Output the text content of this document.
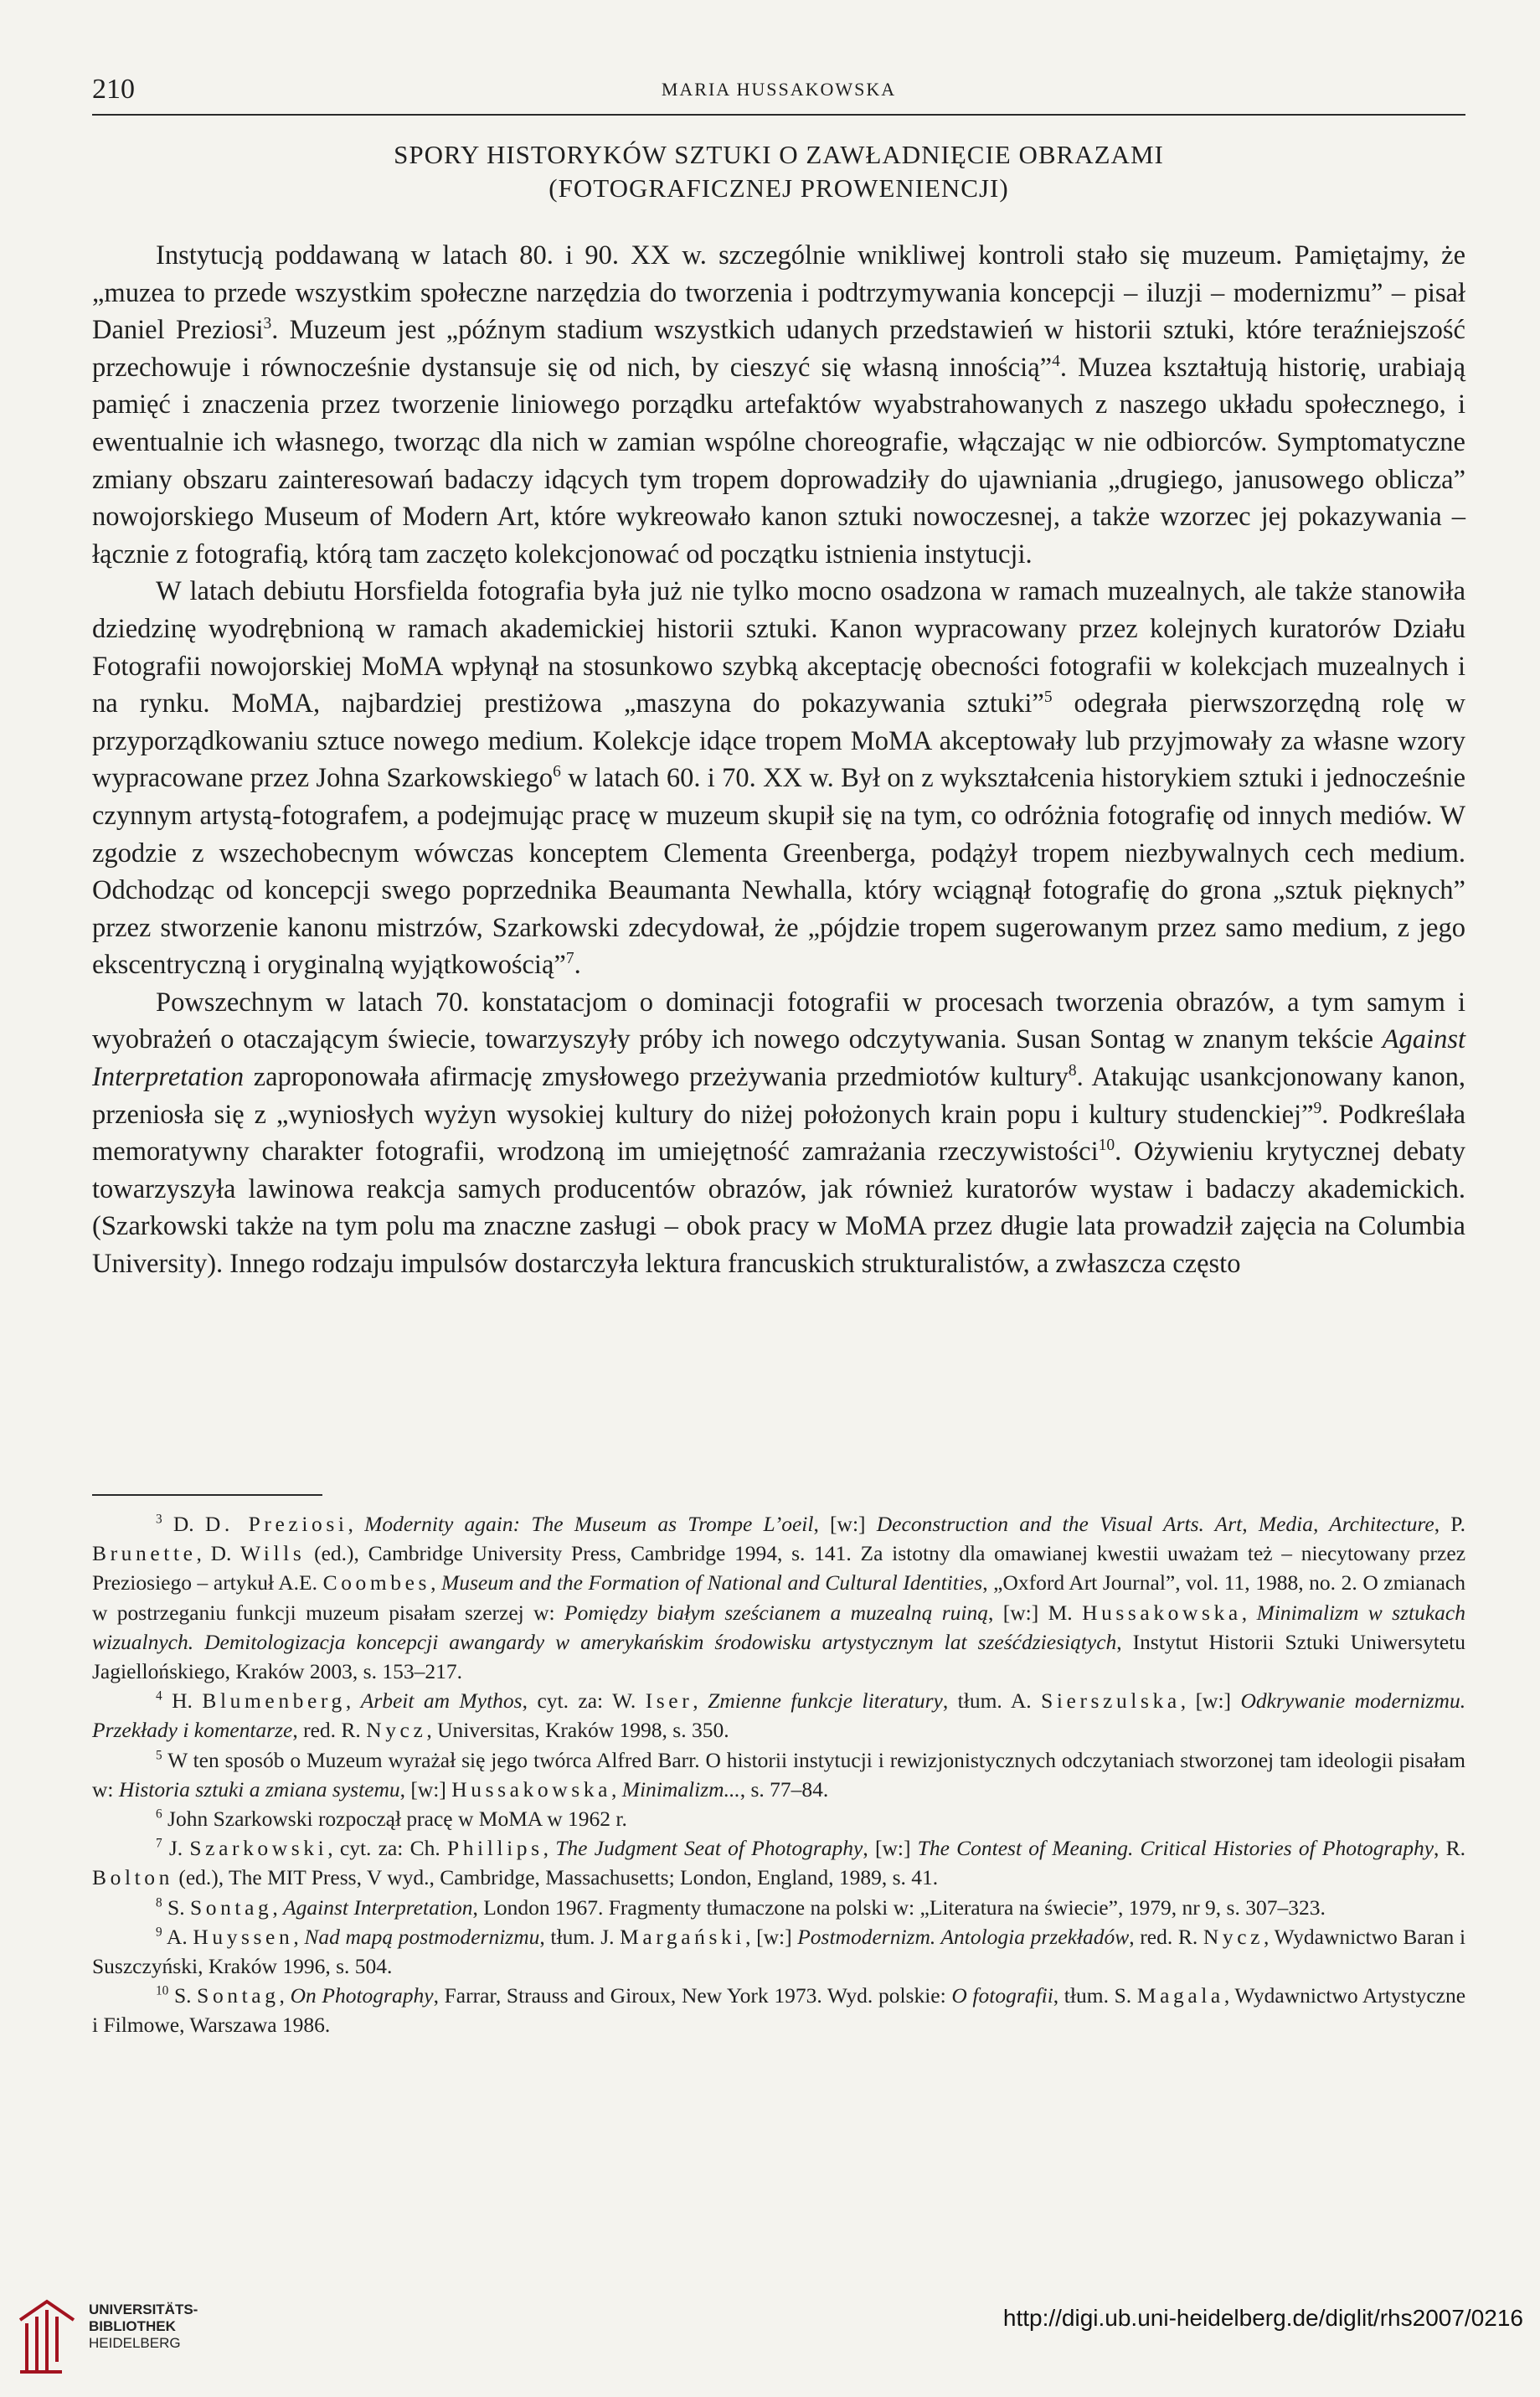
210	MARIA HUSSAKOWSKA
SPORY HISTORYKÓW SZTUKI O ZAWŁADNIĘCIE OBRAZAMI
(FOTOGRAFICZNEJ PROWENIENCJI)

Instytucją poddawaną w latach 80. i 90. XX w. szczególnie wnikliwej kontroli stało się muzeum. Pamiętajmy, że „muzea to przede wszystkim społeczne narzędzia do tworzenia i podtrzymywania koncepcji – iluzji – modernizmu” – pisał Daniel Preziosi$^3$. Muzeum jest „późnym stadium wszystkich udanych przedstawień w historii sztuki, które teraźniejszość przechowuje i równocześnie dystansuje się od nich, by cieszyć się własną innością”$^4$. Muzea kształtują historię, urabiają pamięć i znaczenia przez tworzenie liniowego porządku artefaktów wyabstrahowanych z naszego układu społecznego, i ewentualnie ich własnego, tworząc dla nich w zamian wspólne choreografie, włączając w nie odbiorców. Symptomatyczne zmiany obszaru zainteresowań badaczy idących tym tropem doprowadziły do ujawniania „drugiego, janusowego oblicza” nowojorskiego Museum of Modern Art, które wykreowało kanon sztuki nowoczesnej, a także wzorzec jej pokazywania – łącznie z fotografią, którą tam zaczęto kolekcjonować od początku istnienia instytucji.

W latach debiutu Horsfielda fotografia była już nie tylko mocno osadzona w ramach muzealnych, ale także stanowiła dziedzinę wyodrębnioną w ramach akademickiej historii sztuki. Kanon wypracowany przez kolejnych kuratorów Działu Fotografii nowojorskiej MoMA wpłynął na stosunkowo szybką akceptację obecności fotografii w kolekcjach muzealnych i na rynku. MoMA, najbardziej prestiżowa „maszyna do pokazywania sztuki”$^5$ odegrała pierwszorzędną rolę w przyporządkowaniu sztuce nowego medium. Kolekcje idące tropem MoMA akceptowały lub przyjmowały za własne wzory wypracowane przez Johna Szarkowskiego$^6$ w latach 60. i 70. XX w. Był on z wykształcenia historykiem sztuki i jednocześnie czynnym artystą-fotografem, a podejmując pracę w muzeum skupił się na tym, co odróżnia fotografię od innych mediów. W zgodzie z wszechobecnym wówczas konceptem Clementa Greenberga, podążył tropem niezbywalnych cech medium. Odchodząc od koncepcji swego poprzednika Beaumanta Newhalla, który wciągnął fotografię do grona „sztuk pięknych” przez stworzenie kanonu mistrzów, Szarkowski zdecydował, że „pójdzie tropem sugerowanym przez samo medium, z jego ekscentryczną i oryginalną wyjątkowością”$^7$.

Powszechnym w latach 70. konstatacjom o dominacji fotografii w procesach tworzenia obrazów, a tym samym i wyobrażeń o otaczającym świecie, towarzyszyły próby ich nowego odczytywania. Susan Sontag w znanym tekście Against Interpretation zaproponowała afirmację zmysłowego przeżywania przedmiotów kultury$^8$. Atakując usankcjonowany kanon, przeniosła się z „wyniosłych wyżyn wysokiej kultury do niżej położonych krain popu i kultury studenckiej”$^9$. Podkreślała memoratywny charakter fotografii, wrodzoną im umiejętność zamrażania rzeczywistości$^{10}$. Ożywieniu krytycznej debaty towarzyszyła lawinowa reakcja samych producentów obrazów, jak również kuratorów wystaw i badaczy akademickich. (Szarkowski także na tym polu ma znaczne zasługi – obok pracy w MoMA przez długie lata prowadził zajęcia na Columbia University). Innego rodzaju impulsów dostarczyła lektura francuskich strukturalistów, a zwłaszcza często

$^3$ D. D. Preziosi, Modernity again: The Museum as Trompe L’oeil, [w:] Deconstruction and the Visual Arts. Art, Media, Architecture, P. Brunette, D. Wills (ed.), Cambridge University Press, Cambridge 1994, s. 141. Za istotny dla omawianej kwestii uważam też – niecytowany przez Preziosiego – artykuł A.E. Coombes, Museum and the Formation of National and Cultural Identities, „Oxford Art Journal”, vol. 11, 1988, no. 2. O zmianach w postrzeganiu funkcji muzeum pisałam szerzej w: Pomiędzy białym sześcianem a muzealną ruiną, [w:] M. Hussakowska, Minimalizm w sztukach wizualnych. Demitologizacja koncepcji awangardy w amerykańskim środowisku artystycznym lat sześćdziesiątych, Instytut Historii Sztuki Uniwersytetu Jagiellońskiego, Kraków 2003, s. 153–217.

$^4$ H. Blumenberg, Arbeit am Mythos, cyt. za: W. Iser, Zmienne funkcje literatury, tłum. A. Sierszulska, [w:] Odkrywanie modernizmu. Przekłady i komentarze, red. R. Nycz, Universitas, Kraków 1998, s. 350.

$^5$ W ten sposób o Muzeum wyrażał się jego twórca Alfred Barr. O historii instytucji i rewizjonistycznych odczytaniach stworzonej tam ideologii pisałam w: Historia sztuki a zmiana systemu, [w:] Hussakowska, Minimalizm..., s. 77–84.

$^6$ John Szarkowski rozpoczął pracę w MoMA w 1962 r.

$^7$ J. Szarkowski, cyt. za: Ch. Phillips, The Judgment Seat of Photography, [w:] The Contest of Meaning. Critical Histories of Photography, R. Bolton (ed.), The MIT Press, V wyd., Cambridge, Massachusetts; London, England, 1989, s. 41.

$^8$ S. Sontag, Against Interpretation, London 1967. Fragmenty tłumaczone na polski w: „Literatura na świecie”, 1979, nr 9, s. 307–323.

$^9$ A. Huyssen, Nad mapą postmodernizmu, tłum. J. Margański, [w:] Postmodernizm. Antologia przekładów, red. R. Nycz, Wydawnictwo Baran i Suszczyński, Kraków 1996, s. 504.

$^{10}$ S. Sontag, On Photography, Farrar, Strauss and Giroux, New York 1973. Wyd. polskie: O fotografii, tłum. S. Magala, Wydawnictwo Artystyczne i Filmowe, Warszawa 1986.

UNIVERSITÄTS-
BIBLIOTHEK
HEIDELBERG
http://digi.ub.uni-heidelberg.de/diglit/rhs2007/0216
